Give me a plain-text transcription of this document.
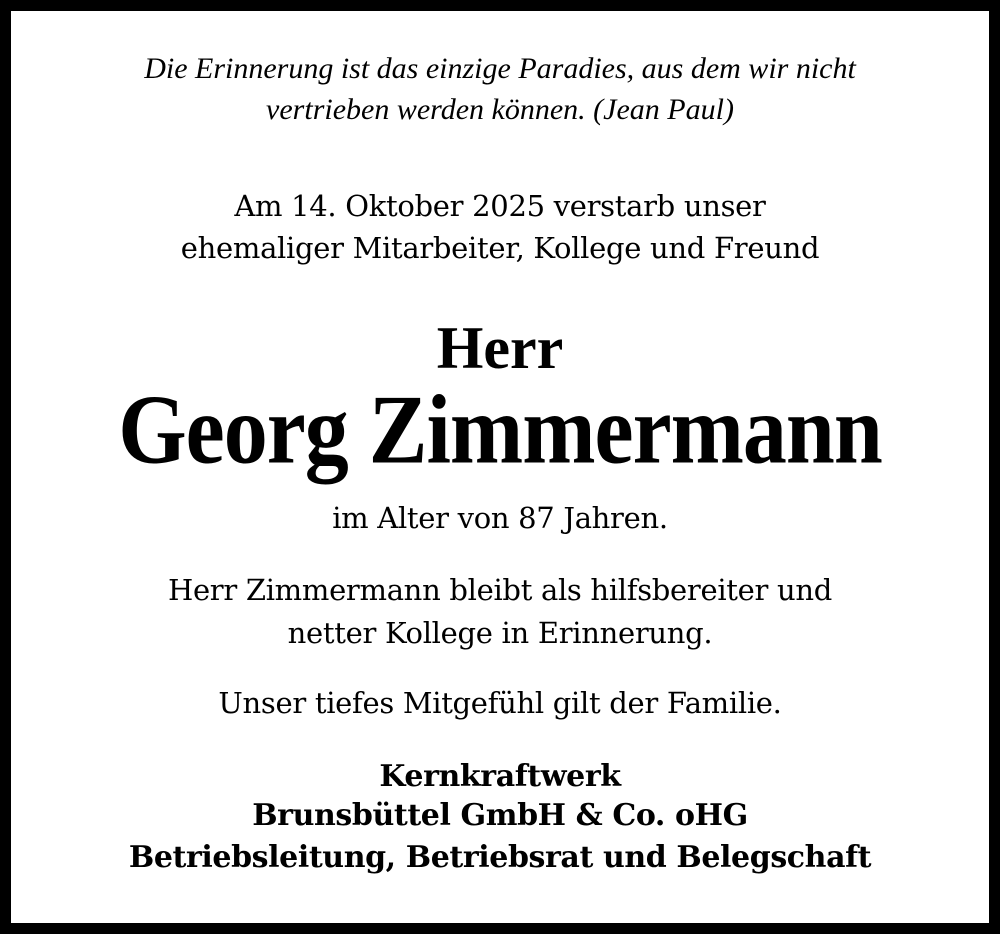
Die Erinnerung ist das einzige Paradies, aus dem wir nicht
vertrieben werden können. (Jean Paul)
Am 14. Oktober 2025 verstarb unser
ehemaliger Mitarbeiter, Kollege und Freund
Herr
Georg Zimmermann
im Alter von 87 Jahren.
Herr Zimmermann bleibt als hilfsbereiter und
netter Kollege in Erinnerung.
Unser tiefes Mitgefühl gilt der Familie.
Kernkraftwerk
Brunsbüttel GmbH & Co. oHG
Betriebsleitung, Betriebsrat und Belegschaft
